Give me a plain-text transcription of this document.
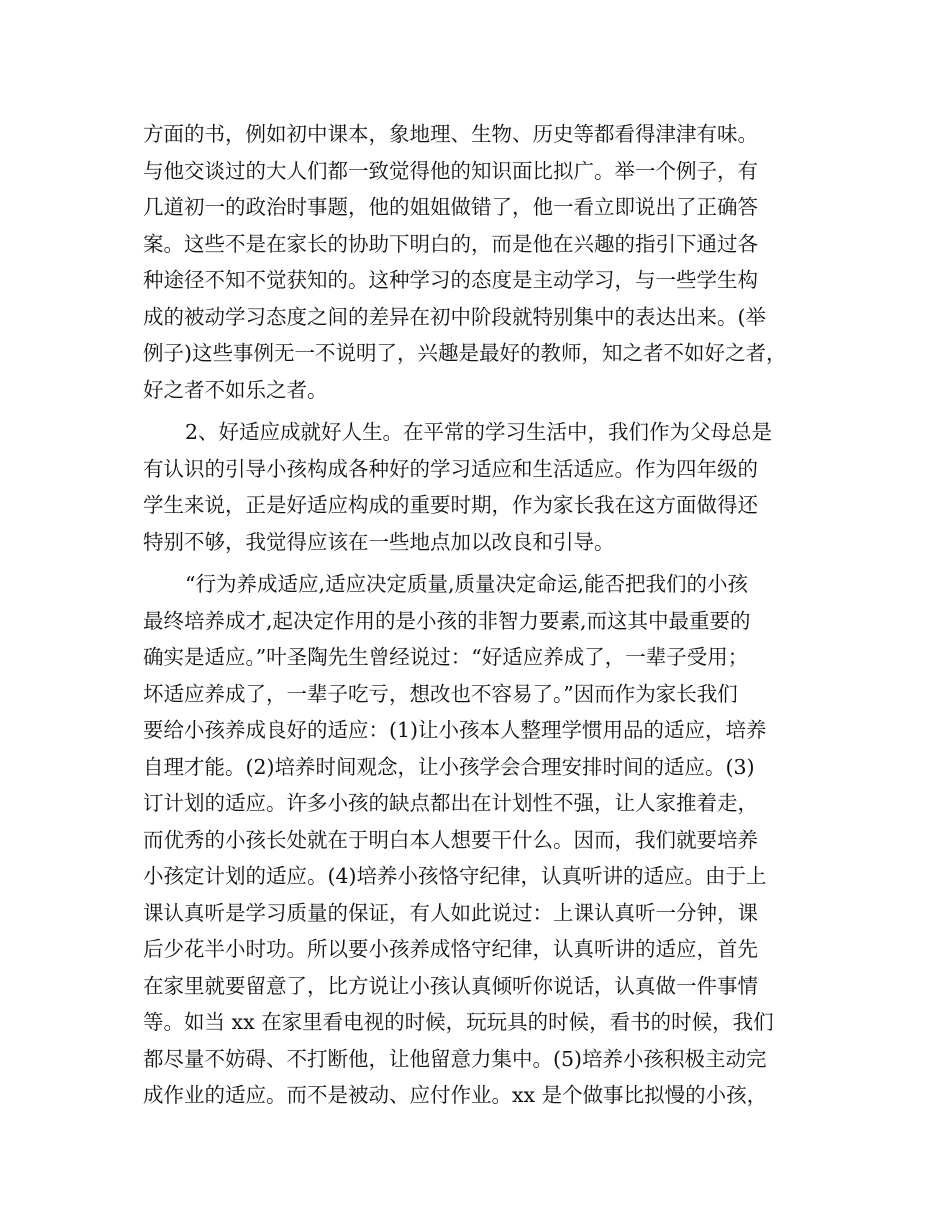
方面的书，例如初中课本，象地理、生物、历史等都看得津津有味。
与他交谈过的大人们都一致觉得他的知识面比拟广。举一个例子，有
几道初一的政治时事题，他的姐姐做错了，他一看立即说出了正确答
案。这些不是在家长的协助下明白的，而是他在兴趣的指引下通过各
种途径不知不觉获知的。这种学习的态度是主动学习，与一些学生构
成的被动学习态度之间的差异在初中阶段就特别集中的表达出来。(举
例子)这些事例无一不说明了，兴趣是最好的教师，知之者不如好之者，
好之者不如乐之者。
2、好适应成就好人生。在平常的学习生活中，我们作为父母总是
有认识的引导小孩构成各种好的学习适应和生活适应。作为四年级的
学生来说，正是好适应构成的重要时期，作为家长我在这方面做得还
特别不够，我觉得应该在一些地点加以改良和引导。
“行为养成适应,适应决定质量,质量决定命运,能否把我们的小孩
最终培养成才,起决定作用的是小孩的非智力要素,而这其中最重要的
确实是适应。”叶圣陶先生曾经说过：“好适应养成了，一辈子受用；
坏适应养成了，一辈子吃亏，想改也不容易了。”因而作为家长我们
要给小孩养成良好的适应：(1)让小孩本人整理学惯用品的适应，培养
自理才能。(2)培养时间观念，让小孩学会合理安排时间的适应。(3)
订计划的适应。许多小孩的缺点都出在计划性不强，让人家推着走，
而优秀的小孩长处就在于明白本人想要干什么。因而，我们就要培养
小孩定计划的适应。(4)培养小孩恪守纪律，认真听讲的适应。由于上
课认真听是学习质量的保证，有人如此说过：上课认真听一分钟，课
后少花半小时功。所以要小孩养成恪守纪律，认真听讲的适应，首先
在家里就要留意了，比方说让小孩认真倾听你说话，认真做一件事情
等。如当 xx 在家里看电视的时候，玩玩具的时候，看书的时候，我们
都尽量不妨碍、不打断他，让他留意力集中。(5)培养小孩积极主动完
成作业的适应。而不是被动、应付作业。xx 是个做事比拟慢的小孩，
